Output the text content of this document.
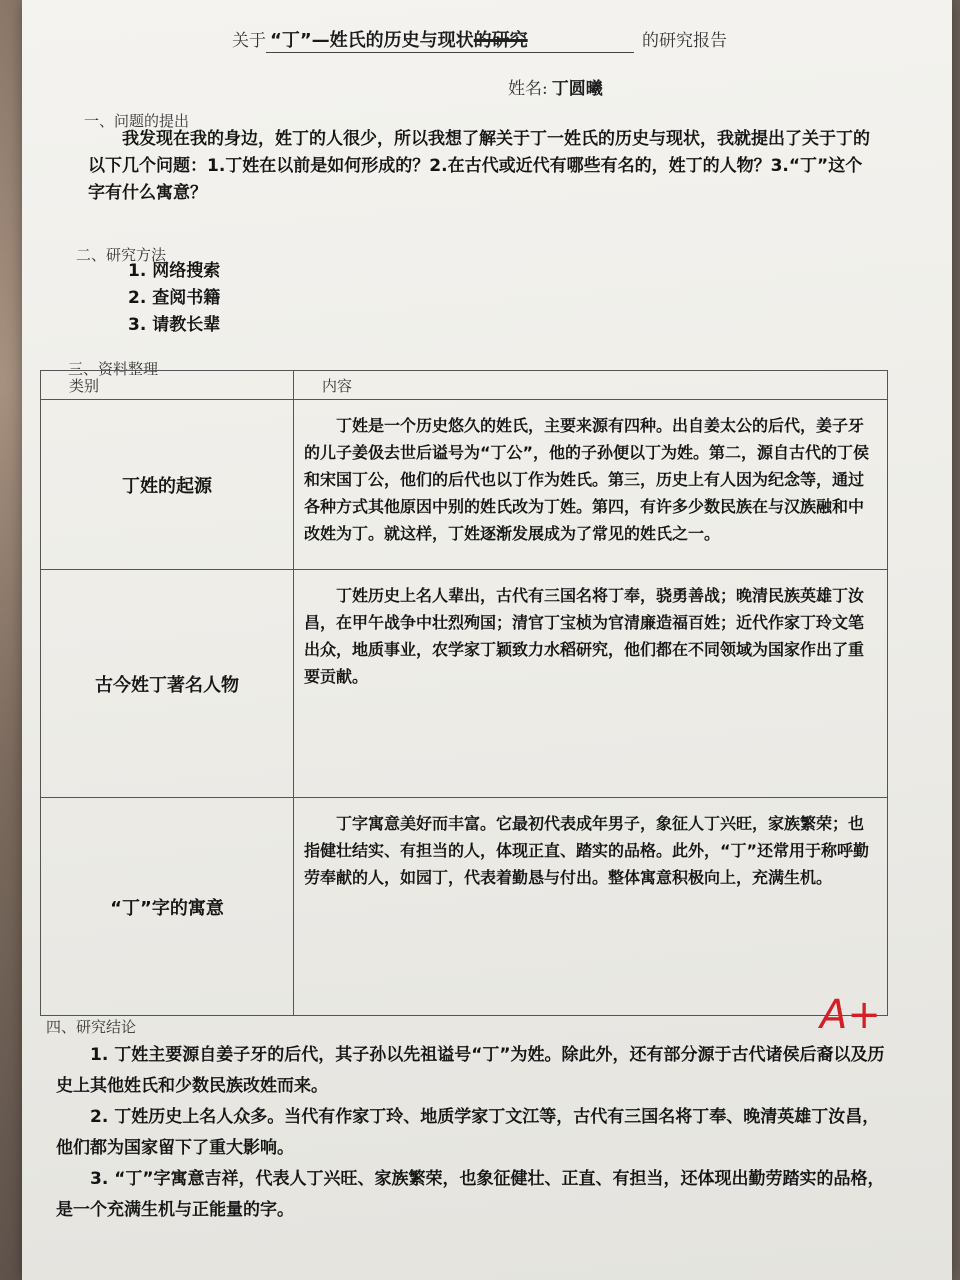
关于 “丁”—姓氏的历史与现状的研究	的研究报告
姓名: 丁圆曦
一、问题的提出
我发现在我的身边，姓丁的人很少，所以我想了解关于丁一姓氏的历史与现状，我就提出了关于丁的以下几个问题：1.丁姓在以前是如何形成的？2.在古代或近代有哪些有名的，姓丁的人物？3.“丁”这个字有什么寓意？
二、研究方法
1. 网络搜索
2. 查阅书籍
3. 请教长辈
三、资料整理
类别	内容
丁姓的起源	丁姓是一个历史悠久的姓氏，主要来源有四种。出自姜太公的后代，姜子牙的儿子姜伋去世后谥号为“丁公”，他的子孙便以丁为姓。第二，源自古代的丁侯和宋国丁公，他们的后代也以丁作为姓氏。第三，历史上有人因为纪念等，通过各种方式其他原因中别的姓氏改为丁姓。第四，有许多少数民族在与汉族融和中改姓为丁。就这样，丁姓逐渐发展成为了常见的姓氏之一。
古今姓丁著名人物	丁姓历史上名人辈出，古代有三国名将丁奉，骁勇善战；晚清民族英雄丁汝昌，在甲午战争中壮烈殉国；清官丁宝桢为官清廉造福百姓；近代作家丁玲文笔出众，地质事业，农学家丁颖致力水稻研究，他们都在不同领域为国家作出了重要贡献。
“丁”字的寓意	丁字寓意美好而丰富。它最初代表成年男子，象征人丁兴旺，家族繁荣；也指健壮结实、有担当的人，体现正直、踏实的品格。此外，“丁”还常用于称呼勤劳奉献的人，如园丁，代表着勤恳与付出。整体寓意积极向上，充满生机。
A+
四、研究结论

1. 丁姓主要源自姜子牙的后代，其子孙以先祖谥号“丁”为姓。除此外，还有部分源于古代诸侯后裔以及历史上其他姓氏和少数民族改姓而来。

2. 丁姓历史上名人众多。当代有作家丁玲、地质学家丁文江等，古代有三国名将丁奉、晚清英雄丁汝昌，他们都为国家留下了重大影响。

3. “丁”字寓意吉祥，代表人丁兴旺、家族繁荣，也象征健壮、正直、有担当，还体现出勤劳踏实的品格，是一个充满生机与正能量的字。
